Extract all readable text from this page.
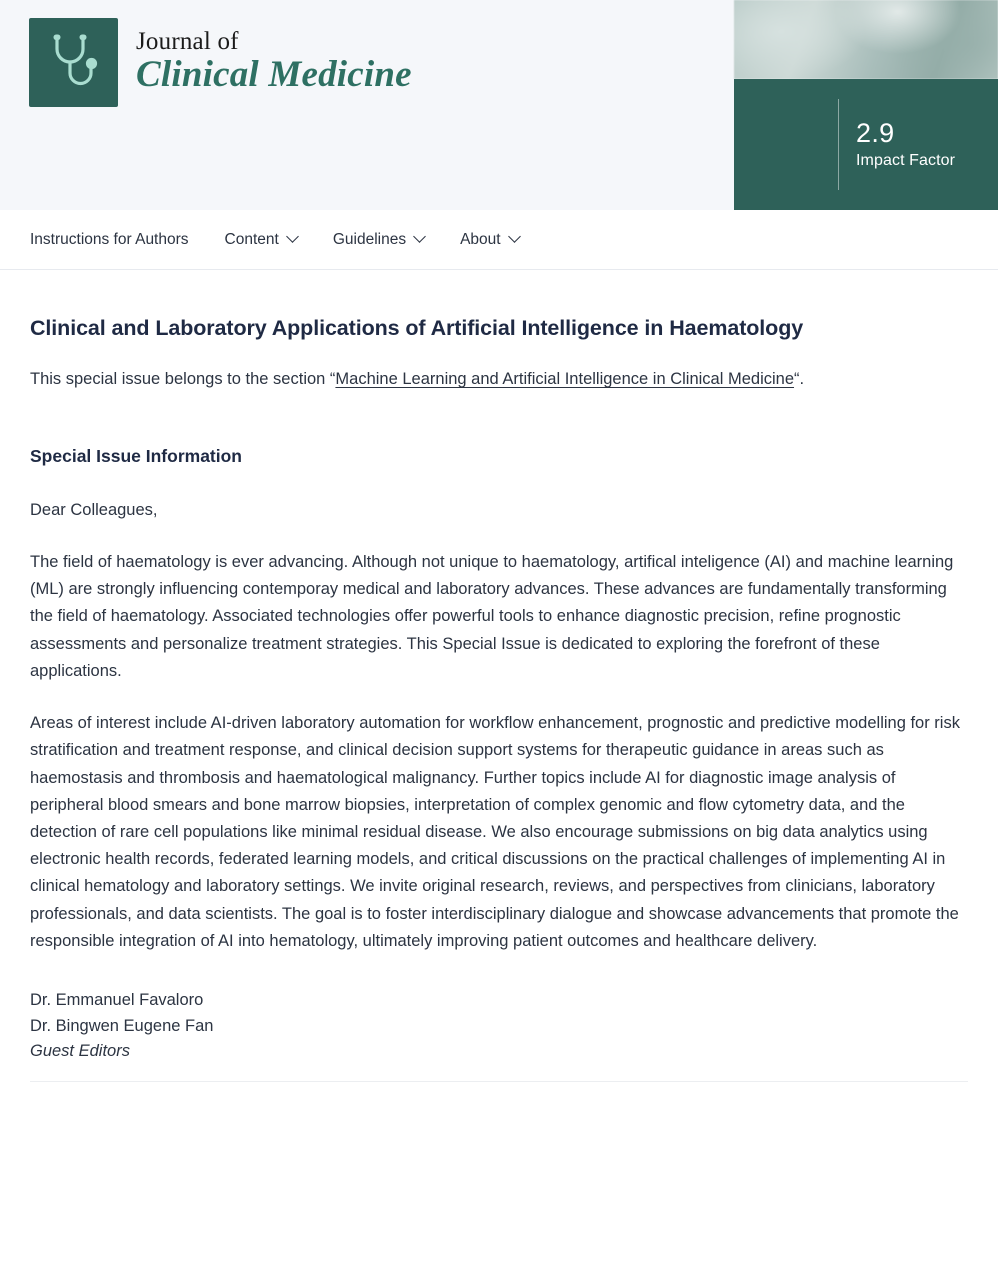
Journal of
Clinical Medicine
2.9
Impact Factor
Instructions for Authors Content	Guidelines	About
Clinical and Laboratory Applications of Artificial Intelligence in Haematology

This special issue belongs to the section “Machine Learning and Artificial Intelligence in Clinical Medicine“.

Special Issue Information

Dear Colleagues,

The field of haematology is ever advancing. Although not unique to haematology, artifical inteligence (AI) and machine learning (ML) are strongly influencing contemporay medical and laboratory advances. These advances are fundamentally transforming the field of haematology. Associated technologies offer powerful tools to enhance diagnostic precision, refine prognostic assessments and personalize treatment strategies. This Special Issue is dedicated to exploring the forefront of these applications.

Areas of interest include AI-driven laboratory automation for workflow enhancement, prognostic and predictive modelling for risk stratification and treatment response, and clinical decision support systems for therapeutic guidance in areas such as haemostasis and thrombosis and haematological malignancy. Further topics include AI for diagnostic image analysis of peripheral blood smears and bone marrow biopsies, interpretation of complex genomic and flow cytometry data, and the detection of rare cell populations like minimal residual disease. We also encourage submissions on big data analytics using electronic health records, federated learning models, and critical discussions on the practical challenges of implementing AI in clinical hematology and laboratory settings. We invite original research, reviews, and perspectives from clinicians, laboratory professionals, and data scientists. The goal is to foster interdisciplinary dialogue and showcase advancements that promote the responsible integration of AI into hematology, ultimately improving patient outcomes and healthcare delivery.

Dr. Emmanuel Favaloro
Dr. Bingwen Eugene Fan
Guest Editors
